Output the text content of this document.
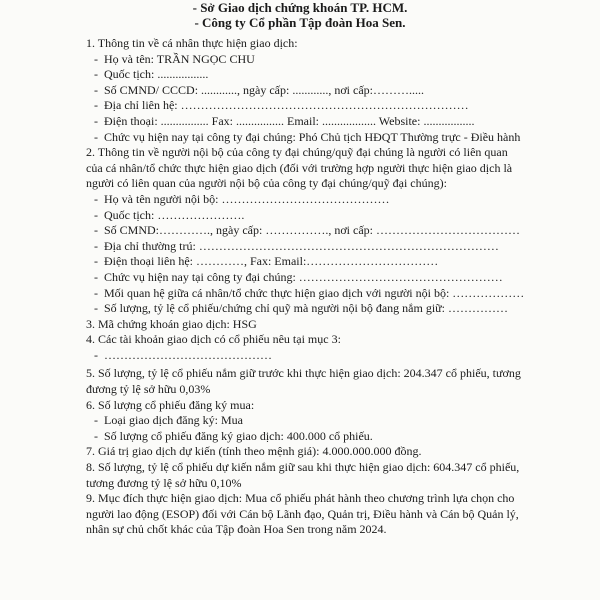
- Sở Giao dịch chứng khoán TP. HCM.
- Công ty Cổ phần Tập đoàn Hoa Sen.
1. Thông tin về cá nhân thực hiện giao dịch:
- Họ và tên: TRẦN NGỌC CHU
- Quốc tịch: .................
- Số CMND/ CCCD: ............, ngày cấp: ............, nơi cấp:……….....
- Địa chỉ liên hệ: ………………………………………………………………
- Điện thoại: ................ Fax: ................ Email: .................. Website: .................
- Chức vụ hiện nay tại công ty đại chúng: Phó Chủ tịch HĐQT Thường trực - Điều hành
2. Thông tin về người nội bộ của công ty đại chúng/quỹ đại chúng là người có liên quan
của cá nhân/tổ chức thực hiện giao dịch (đối với trường hợp người thực hiện giao dịch là
người có liên quan của người nội bộ của công ty đại chúng/quỹ đại chúng):
- Họ và tên người nội bộ: ……………………………………
- Quốc tịch: ………………….
- Số CMND:…………., ngày cấp: ……………., nơi cấp: ………………………………
- Địa chỉ thường trú: …………………………………………………………………
- Điện thoại liên hệ: …………, Fax: Email:……………………………
- Chức vụ hiện nay tại công ty đại chúng: ……………………………………………
- Mối quan hệ giữa cá nhân/tổ chức thực hiện giao dịch với người nội bộ: ………………
- Số lượng, tỷ lệ cổ phiếu/chứng chỉ quỹ mà người nội bộ đang nắm giữ: ……………
3. Mã chứng khoán giao dịch: HSG
4. Các tài khoản giao dịch có cổ phiếu nêu tại mục 3:
- ……………………………………
5. Số lượng, tỷ lệ cổ phiếu nắm giữ trước khi thực hiện giao dịch: 204.347 cổ phiếu, tương
đương tỷ lệ sở hữu 0,03%
6. Số lượng cổ phiếu đăng ký mua:
- Loại giao dịch đăng ký: Mua
- Số lượng cổ phiếu đăng ký giao dịch: 400.000 cổ phiếu.
7. Giá trị giao dịch dự kiến (tính theo mệnh giá): 4.000.000.000 đồng.
8. Số lượng, tỷ lệ cổ phiếu dự kiến nắm giữ sau khi thực hiện giao dịch: 604.347 cổ phiếu,
tương đương tỷ lệ sở hữu 0,10%
9. Mục đích thực hiện giao dịch: Mua cổ phiếu phát hành theo chương trình lựa chọn cho
người lao động (ESOP) đối với Cán bộ Lãnh đạo, Quản trị, Điều hành và Cán bộ Quản lý,
nhân sự chủ chốt khác của Tập đoàn Hoa Sen trong năm 2024.
